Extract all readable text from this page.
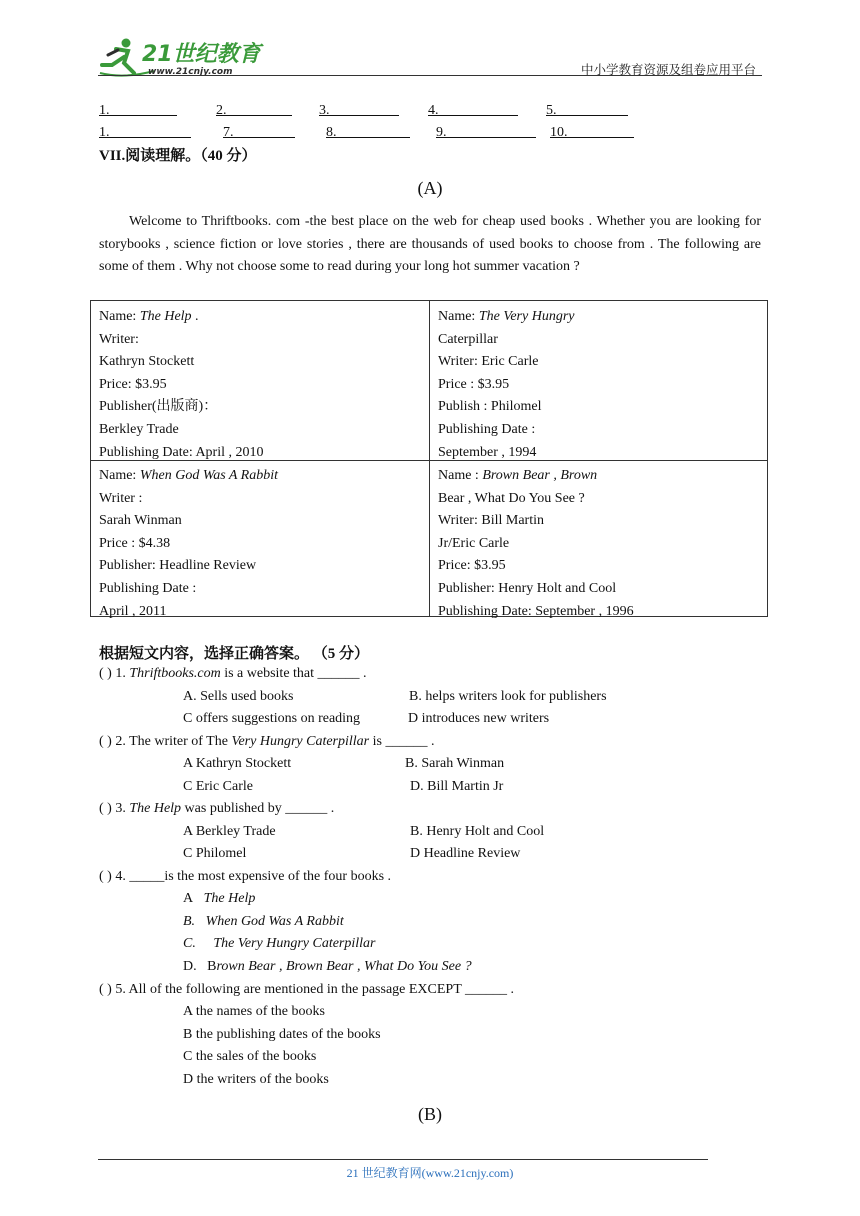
21世纪教育
www.21cnjy.com	中小学教育资源及组卷应用平台
1.	2.	3.	4.	5.
1.	7.	8.	9.	10.
VII.阅读理解。（40 分）
(A)
Welcome to Thriftbooks. com -the best place on the web for cheap used books . Whether you are looking for storybooks , science fiction or love stories , there are thousands of used books to choose from . The following are some of them . Why not choose some to read during your long hot summer vacation ?
Name: The Help .
Writer:
Kathryn Stockett
Price: $3.95
Publisher(出版商)：
Berkley Trade
Publishing Date: April , 2010
Name: The Very Hungry
Caterpillar
Writer: Eric Carle
Price : $3.95
Publish : Philomel
Publishing Date :
September , 1994
Name: When God Was A Rabbit
Writer :
Sarah Winman
Price : $4.38
Publisher: Headline Review
Publishing Date :
April , 2011
Name : Brown Bear , Brown
Bear , What Do You See ?
Writer: Bill Martin
Jr/Eric Carle
Price: $3.95
Publisher: Henry Holt and Cool
Publishing Date: September , 1996
根据短文内容，选择正确答案。 （5 分）
( ) 1. Thriftbooks.com is a website that ______ .
A. Sells used books	B. helps writers look for publishers
C offers suggestions on reading	D introduces new writers
( ) 2. The writer of The Very Hungry Caterpillar is ______ .
A Kathryn Stockett	B. Sarah Winman
C Eric Carle	D. Bill Martin Jr
( ) 3. The Help was published by ______ .
A Berkley Trade	B. Henry Holt and Cool
C Philomel	D Headline Review
( ) 4. _____is the most expensive of the four books .
A The Help
B. When God Was A Rabbit
C. The Very Hungry Caterpillar
D. Brown Bear , Brown Bear , What Do You See ?
( ) 5. All of the following are mentioned in the passage EXCEPT ______ .
A the names of the books
B the publishing dates of the books
C the sales of the books
D the writers of the books
(B)
21 世纪教育网(www.21cnjy.com)
